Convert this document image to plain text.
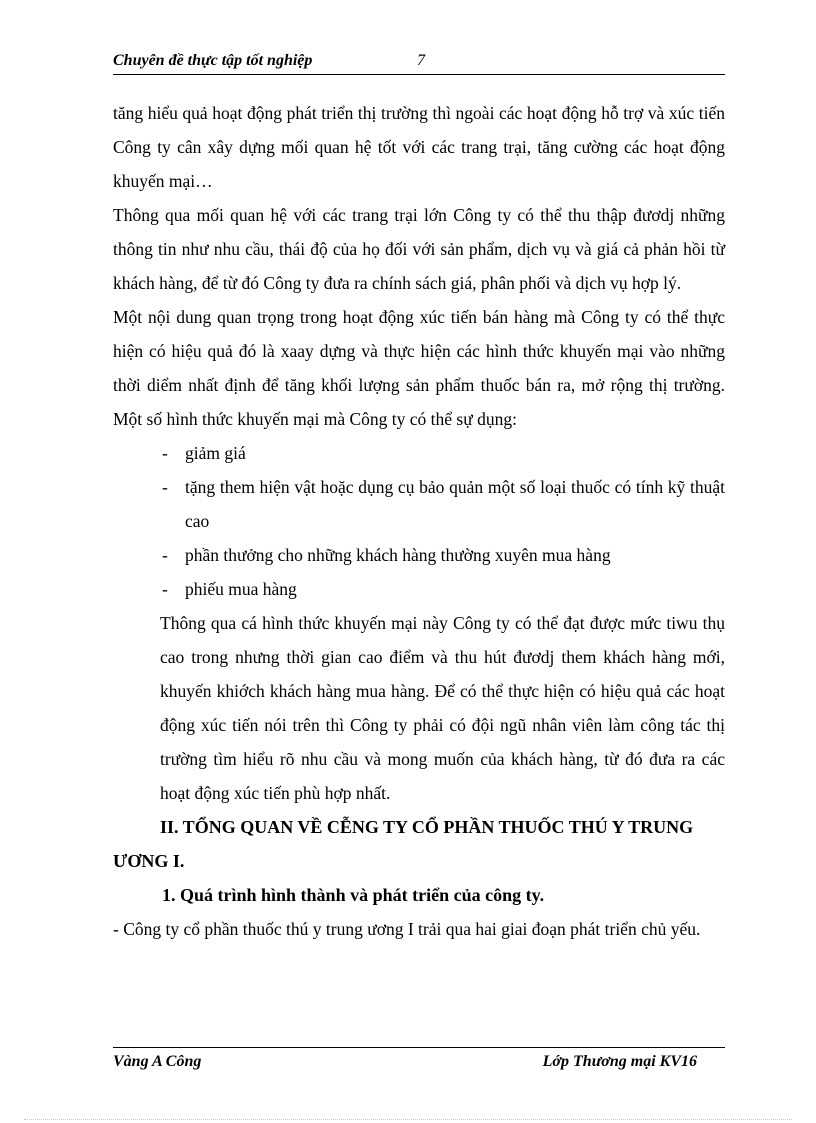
Chuyên đề thực tập tốt nghiệp	7

tăng hiểu quả hoạt động phát triển thị trường thì ngoài các hoạt động hỗ trợ và xúc tiến Công ty cân xây dựng mối quan hệ tốt với các trang trại, tăng cường các hoạt động khuyến mại…

Thông qua mối quan hệ với các trang trại lớn Công ty có thể thu thập đươdj những thông tin như nhu cầu, thái độ của họ đối với sản phẩm, dịch vụ và giá cả phản hồi từ khách hàng, để từ đó Công ty đưa ra chính sách giá, phân phối và dịch vụ hợp lý.

Một nội dung quan trọng trong hoạt động xúc tiến bán hàng mà Công ty có thể thực hiện có hiệu quả đó là xaay dựng và thực hiện các hình thức khuyến mại vào những thời diểm nhất định để tăng khối lượng sản phẩm thuốc bán ra, mở rộng thị trường. Một số hình thức khuyến mại mà Công ty có thể sự dụng:

- giảm giá

- tặng them hiện vật hoặc dụng cụ bảo quản một số loại thuốc có tính kỹ thuật cao

- phần thưởng cho những khách hàng thường xuyên mua hàng

- phiếu mua hàng

Thông qua cá hình thức khuyến mại này Công ty có thể đạt được mức tiwu thụ cao trong nhưng thời gian cao điểm và thu hút đươdj them khách hàng mới, khuyến khiớch khách hàng mua hàng. Để có thể thực hiện có hiệu quả các hoạt động xúc tiến nói trên thì Công ty phải có đội ngũ nhân viên làm công tác thị trường tìm hiểu rõ nhu cầu và mong muốn của khách hàng, từ đó đưa ra các hoạt động xúc tiến phù hợp nhất.

II. TỔNG QUAN VỀ CỄNG TY CỔ PHẦN THUỐC THÚ Y TRUNG ƯƠNG I.

1. Quá trình hình thành và phát triển của công ty.

- Công ty cổ phần thuốc thú y trung ương I trải qua hai giai đoạn phát triển chủ yếu.

Vàng A Công	Lớp Thương mại KV16
